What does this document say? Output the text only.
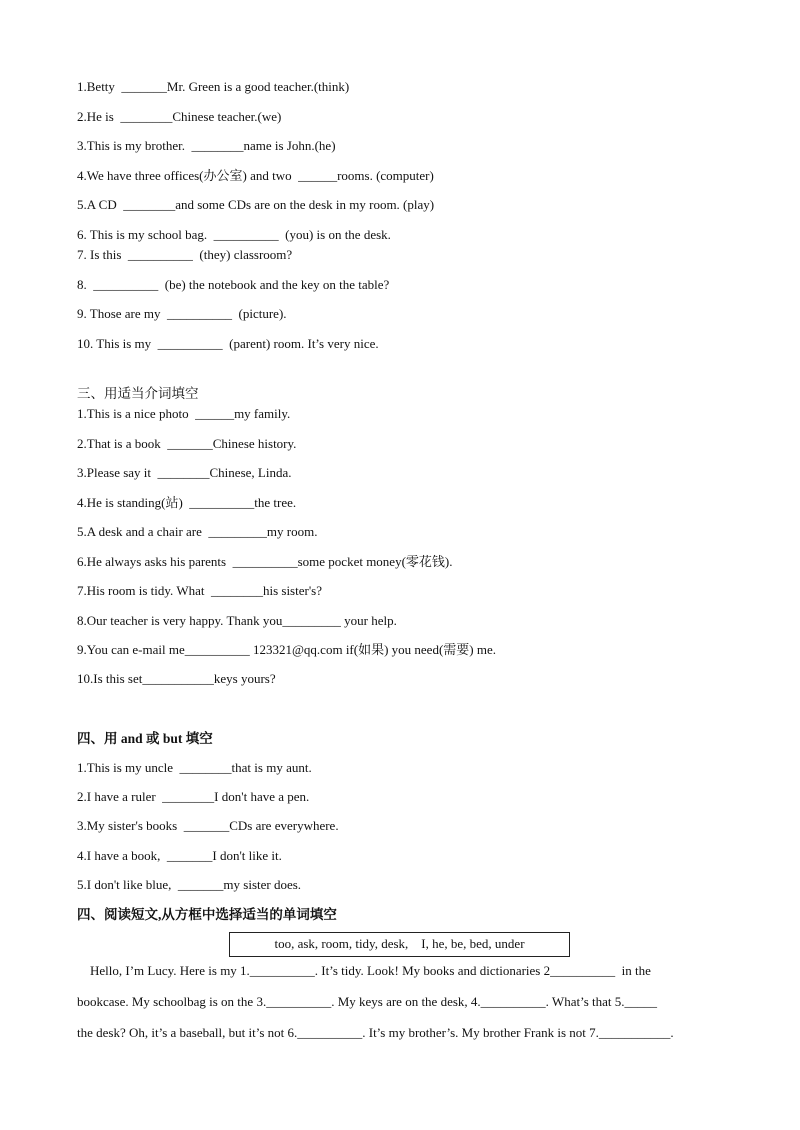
1.Betty  _______Mr. Green is a good teacher.(think)
2.He is  ________Chinese teacher.(we)
3.This is my brother.  ________name is John.(he)
4.We have three offices(办公室) and two  ______rooms. (computer)
5.A CD  ________and some CDs are on the desk in my room. (play)
6. This is my school bag.  __________  (you) is on the desk.
7. Is this  __________  (they) classroom?
8.  __________  (be) the notebook and the key on the table?
9. Those are my  __________  (picture).
10. This is my  __________  (parent) room. It’s very nice.
三、用适当介词填空
1.This is a nice photo  ______my family.
2.That is a book  _______Chinese history.
3.Please say it  ________Chinese, Linda.
4.He is standing(站)  __________the tree.
5.A desk and a chair are  _________my room.
6.He always asks his parents  __________some pocket money(零花钱).
7.His room is tidy. What  ________his sister's?
8.Our teacher is very happy. Thank you_________ your help.
9.You can e-mail me__________ 123321@qq.com if(如果) you need(需要) me.
10.Is this set___________keys yours?
四、用 and 或 but 填空
1.This is my uncle  ________that is my aunt.
2.I have a ruler  ________I don't have a pen.
3.My sister's books  _______CDs are everywhere.
4.I have a book,  _______I don't like it.
5.I don't like blue,  _______my sister does.
四、阅读短文,从方框中选择适当的单词填空
too, ask, room, tidy, desk,    I, he, be, bed, under
Hello, I’m Lucy. Here is my 1.__________. It’s tidy. Look! My books and dictionaries 2__________  in the
bookcase. My schoolbag is on the 3.__________. My keys are on the desk, 4.__________. What’s that 5._____
the desk? Oh, it’s a baseball, but it’s not 6.__________. It’s my brother’s. My brother Frank is not 7.___________.
